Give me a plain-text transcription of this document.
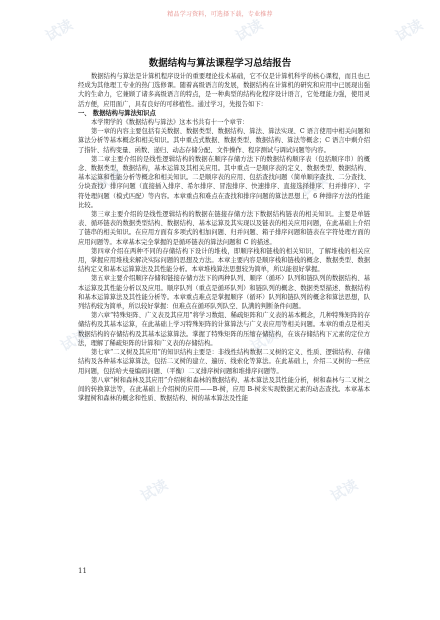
精品学习资料，可选择下载，专业推荐
试读	试读	试读
试读	试读
试读	试读
试读	试读
数据结构与算法课程学习总结报告

数据结构与算法是计算机程序设计的重要理论技术基础，它不仅是计算机科学的核心课程，而且也已经成为其他理工专业的热门选修课。随着高级语言的发展，数据结构在计算机的研究和应用中已展现出强大的生命力，它兼顾了诸多高级语言的特点，是一种典型的结构化程序设计语言，它处理能力强，使用灵活方便，应用面广，具有良好的可移植性。通过学习，先报告如下：

一、 数据结构与算法知识点

本学期学的《数据结构与算法》这本书共有十一个章节：

第一章的内容主要包括有关数据、数据类型、数据结构、算法、算法实现、C 语言使用中相关问题和算法分析等基本概念和相关知识。其中重点式数据、数据类型、数据结构、算法等概念；C 语言中剩介绍了指针、结构变量、函数、递归、动态存储分配、文件操作、程序测试与调试问题等内容。

第二章主要介绍的是线性逻辑结构的数据在顺序存储方法下的数据结构顺序表（包括顺序串）的概念、数据类型，数据结构，基本运算及其相关应用。其中重点一是顺序表的定义、数据类型、数据结构、基本运算和性能分析等概念和相关知识。二是顺序表的应用、包括查找问题（简单顺序查找、二分查找、分块查找）排序问题（直接插入排序、希尔排序、冒泡排序、快速排序、直接选择排序、归并排序）、字符处理问题（模式匹配）等内容。本章重点和难点在查找和排序问题的算法思想上，6 种排序方法的性能比较。

第三章主要介绍的是线性逻辑结构的数据在链接存储方法下数据结构链表的相关知识。主要是单链表、循环链表的数据类型结构、数据结构、基本运算及其实现以及链表的相关应用问题，在此基础上介绍了链串的相关知识。在应用方面有多项式的相加问题、归并问题、箱子排序问题和链表在字符处理方面的应用问题等。本章基本完全掌握的是循环链表的算法问题和 C 的描述。

第四章介绍在两种不同的存储结构下设计的堆栈，即顺序栈和链栈的相关知识，了解堆栈的相关应用，掌握应用堆栈来解决实际问题的思想及方法。本章主要内容是顺序栈和链栈的概念、数据类型、数据结构定义和基本运算算法及其性能分析。本章堆栈算法思想较为简单，所以能很好掌握。

第五章主要介绍顺序存储和链接存储方法下的两种队列、顺序（循环）队列和链队列的数据结构、基本运算及其性能分析以及应用。顺序队列（重点是循环队列）和链队列的概念、数据类型描述、数据结构和基本运算算法及其性能分析等。本章重点难点是掌握顺序（循环）队列和链队列的概念和算法思想，队列结构较为简单，所以较好掌握：但难点在循环队列队空、队满的判断条件问题。

第六章“特殊矩阵、广义表及其应用”将学习数组、稀疏矩阵和广义表的基本概念，几种特殊矩阵的存储结构及其基本运算，在此基础上学习特殊矩阵的计算算法与广义表应用等相关问题。本章的重点是相关数据结构的存储结构及其基本运算算法。掌握了特殊矩阵的压缩存储结构，在该存储结构下元素的定位方法，理解了稀疏矩阵的计算和广义表的存储结构。

第七章“二叉树及其应用”的知识结构主要是：非线性结构数据二叉树的定义、性质、逻辑结构、存储结构及各种基本运算算法，包括二叉树的建立、遍历、线索化等算法。在此基础上，介绍二叉树的一些应用问题，包括哈夫曼编码问题、（平衡）二叉排序树问题和堆排序问题等。

第八章“树和森林及其应用”介绍树和森林的数据结构、基本算法及其性能分析，树和森林与二叉树之间的转换算法等，在此基础上介绍树的应用——B-树，应用 B-树来实现数据元素的动态查找。本章基本掌握树和森林的概念和性质、数据结构、树的基本算法及性能

11
